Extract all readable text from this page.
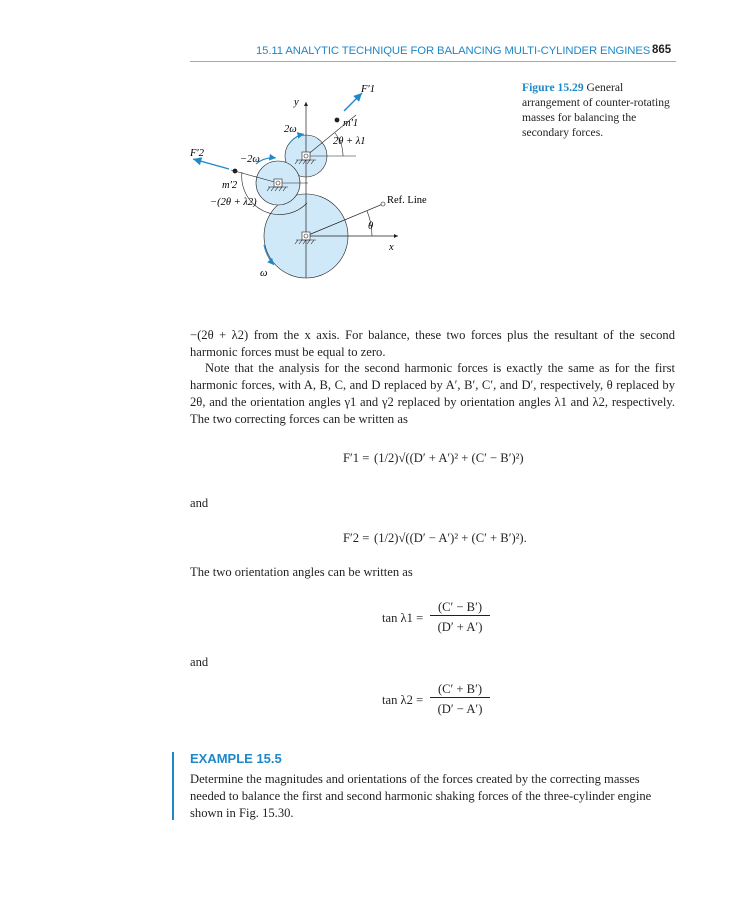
15.11 ANALYTIC TECHNIQUE FOR BALANCING MULTI-CYLINDER ENGINES 865
Figure 15.29 General arrangement of counter-rotating masses for balancing the secondary forces.
y
x
Ref. Line
θ
F′1
m′1
2θ + λ1
2ω
F′2
−2ω
m′2
−(2θ + λ2)
ω
−(2θ + λ2) from the x axis. For balance, these two forces plus the resultant of the second harmonic forces must be equal to zero.
Note that the analysis for the second harmonic forces is exactly the same as for the first harmonic forces, with A, B, C, and D replaced by A′, B′, C′, and D′, respectively, θ replaced by 2θ, and the orientation angles γ1 and γ2 replaced by orientation angles λ1 and λ2, respectively. The two correcting forces can be written as
F′1 = (1/2)√((D′ + A′)² + (C′ − B′)²)
and
F′2 = (1/2)√((D′ − A′)² + (C′ + B′)²).
The two orientation angles can be written as
tan λ1 =
(C′ − B′)
(D′ + A′)
and
tan λ2 =
(C′ + B′)
(D′ − A′)
EXAMPLE 15.5
Determine the magnitudes and orientations of the forces created by the correcting masses needed to balance the first and second harmonic shaking forces of the three-cylinder engine shown in Fig. 15.30.
